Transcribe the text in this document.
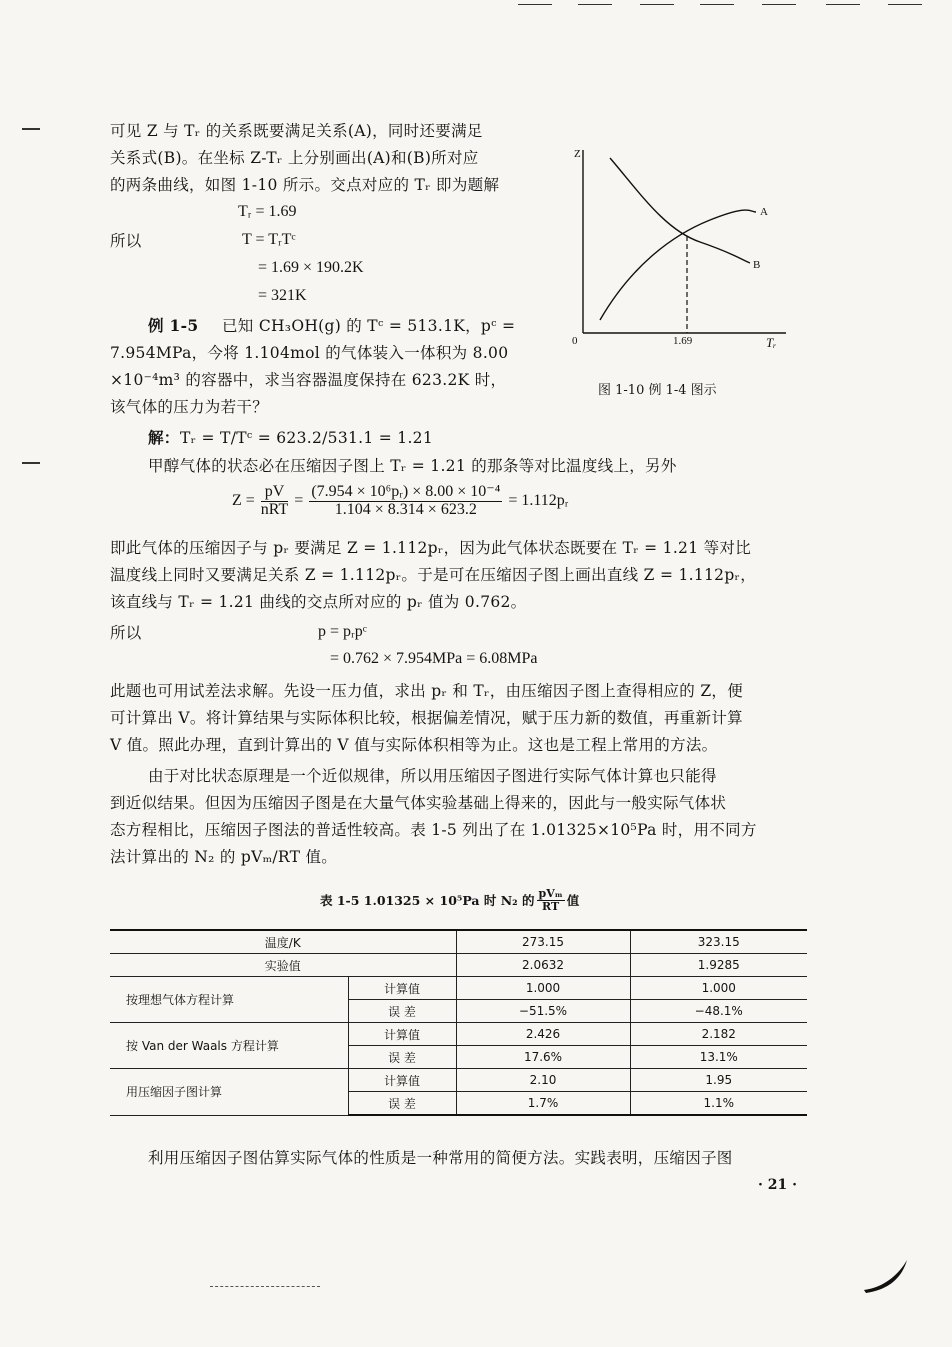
可见 Z 与 Tᵣ 的关系既要满足关系(A)，同时还要满足
关系式(B)。在坐标 Z-Tᵣ 上分别画出(A)和(B)所对应
的两条曲线，如图 1-10 所示。交点对应的 Tᵣ 即为题解
Tᵣ = 1.69
所以	T = TᵣTᶜ
= 1.69 × 190.2K
= 321K
例 1-5 已知 CH₃OH(g) 的 Tᶜ = 513.1K，pᶜ =
7.954MPa，今将 1.104mol 的气体装入一体积为 8.00
×10⁻⁴m³ 的容器中，求当容器温度保持在 623.2K 时，
该气体的压力为若干？
解： Tᵣ = T/Tᶜ = 623.2/531.1 = 1.21
甲醇气体的状态必在压缩因子图上 Tᵣ = 1.21 的那条等对比温度线上，另外
$Z = \frac{pV}{\text{nRT}} = \frac{\text{(7.954 × 10⁶pᵣ) × 8.00 × 10⁻⁴}}{1.104 \times 8.314 \times 623.2}$ = 1.112pᵣ
即此气体的压缩因子与 pᵣ 要满足 Z = 1.112pᵣ，因为此气体状态既要在 Tᵣ = 1.21 等对比
温度线上同时又要满足关系 Z = 1.112pᵣ。于是可在压缩因子图上画出直线 Z = 1.112pᵣ，
该直线与 Tᵣ = 1.21 曲线的交点所对应的 pᵣ 值为 0.762。
所以	p = pᵣpᶜ
= 0.762 × 7.954MPa = 6.08MPa
此题也可用试差法求解。先设一压力值，求出 pᵣ 和 Tᵣ，由压缩因子图上查得相应的 Z，便
可计算出 V。将计算结果与实际体积比较，根据偏差情况，赋于压力新的数值，再重新计算
V 值。照此办理，直到计算出的 V 值与实际体积相等为止。这也是工程上常用的方法。
由于对比状态原理是一个近似规律，所以用压缩因子图进行实际气体计算也只能得
到近似结果。但因为压缩因子图是在大量气体实验基础上得来的，因此与一般实际气体状
态方程相比，压缩因子图法的普适性较高。表 1-5 列出了在 1.01325×10⁵Pa 时，用不同方
法计算出的 N₂ 的 pVₘ/RT 值。
Z
A
B
0	1.69	Tᵣ
图 1-10 例 1-4 图示
表 1-5 1.01325 × 10⁵Pa 时 N₂ 的 $\frac{\text{pVₘ}}{RT}$ 值
温度/K		273.15	323.15
实验值		2.0632	1.9285
按理想气体方程计算	计算值	1.000	1.000
	误 差	−51.5%	−48.1%
按 Van der Waals 方程计算	计算值	2.426	2.182
	误 差	17.6%	13.1%
用压缩因子图计算	计算值	2.10	1.95
	误 差	1.7%	1.1%
利用压缩因子图估算实际气体的性质是一种常用的简便方法。实践表明，压缩因子图
· 21 ·
